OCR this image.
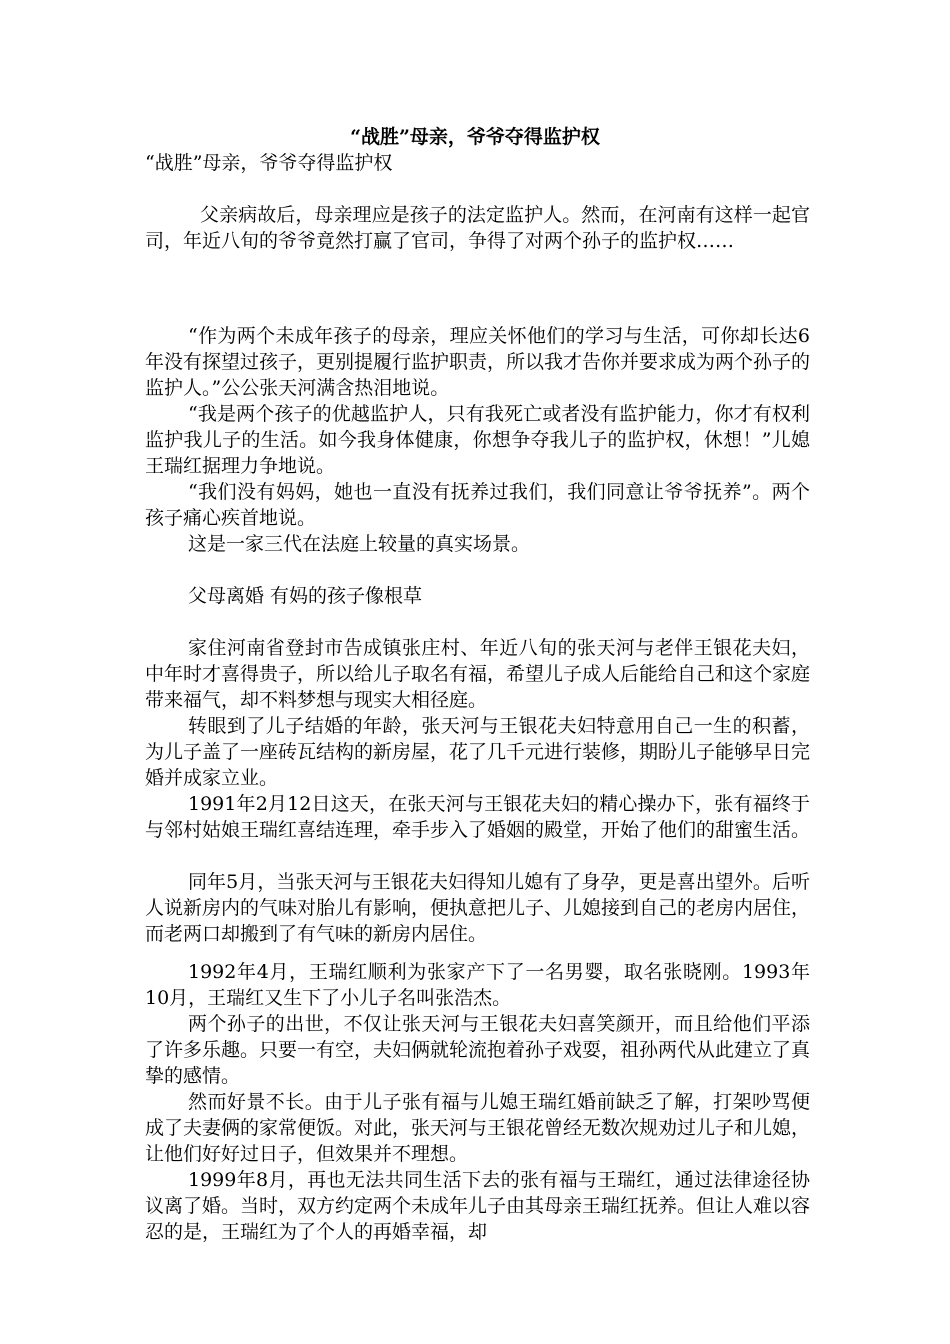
“战胜”母亲，爷爷夺得监护权

“战胜”母亲，爷爷夺得监护权

父亲病故后，母亲理应是孩子的法定监护人。然而，在河南有这样一起官司，年近八旬的爷爷竟然打赢了官司，争得了对两个孙子的监护权……

“作为两个未成年孩子的母亲，理应关怀他们的学习与生活，可你却长达6年没有探望过孩子，更别提履行监护职责，所以我才告你并要求成为两个孙子的监护人。”公公张天河满含热泪地说。

“我是两个孩子的优越监护人，只有我死亡或者没有监护能力，你才有权利监护我儿子的生活。如今我身体健康，你想争夺我儿子的监护权，休想！”儿媳王瑞红据理力争地说。

“我们没有妈妈，她也一直没有抚养过我们，我们同意让爷爷抚养”。两个孩子痛心疾首地说。

这是一家三代在法庭上较量的真实场景。

父母离婚 有妈的孩子像根草

家住河南省登封市告成镇张庄村、年近八旬的张天河与老伴王银花夫妇，中年时才喜得贵子，所以给儿子取名有福，希望儿子成人后能给自己和这个家庭带来福气，却不料梦想与现实大相径庭。

转眼到了儿子结婚的年龄，张天河与王银花夫妇特意用自己一生的积蓄，为儿子盖了一座砖瓦结构的新房屋，花了几千元进行装修，期盼儿子能够早日完婚并成家立业。

1991年2月12日这天，在张天河与王银花夫妇的精心操办下，张有福终于与邻村姑娘王瑞红喜结连理，牵手步入了婚姻的殿堂，开始了他们的甜蜜生活。

同年5月，当张天河与王银花夫妇得知儿媳有了身孕，更是喜出望外。后听人说新房内的气味对胎儿有影响，便执意把儿子、儿媳接到自己的老房内居住，而老两口却搬到了有气味的新房内居住。

1992年4月，王瑞红顺利为张家产下了一名男婴，取名张晓刚。1993年10月，王瑞红又生下了小儿子名叫张浩杰。

两个孙子的出世，不仅让张天河与王银花夫妇喜笑颜开，而且给他们平添了许多乐趣。只要一有空，夫妇俩就轮流抱着孙子戏耍，祖孙两代从此建立了真挚的感情。

然而好景不长。由于儿子张有福与儿媳王瑞红婚前缺乏了解，打架吵骂便成了夫妻俩的家常便饭。对此，张天河与王银花曾经无数次规劝过儿子和儿媳，让他们好好过日子，但效果并不理想。

1999年8月，再也无法共同生活下去的张有福与王瑞红，通过法律途径协议离了婚。当时，双方约定两个未成年儿子由其母亲王瑞红抚养。但让人难以容忍的是，王瑞红为了个人的再婚幸福，却
